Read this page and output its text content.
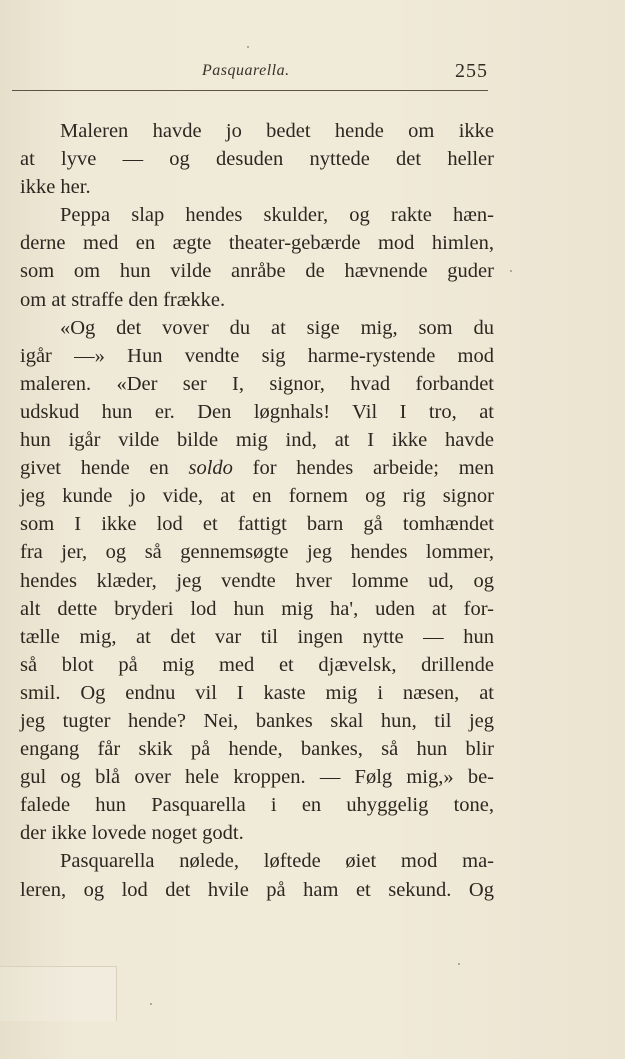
Pasquarella.	255
Maleren havde jo bedet hende om ikke
at lyve — og desuden nyttede det heller
ikke her.
Peppa slap hendes skulder, og rakte hæn-
derne med en ægte theater-gebærde mod himlen,
som om hun vilde anråbe de hævnende guder
om at straffe den frække.
«Og det vover du at sige mig, som du
igår —» Hun vendte sig harme-rystende mod
maleren. «Der ser I, signor, hvad forbandet
udskud hun er. Den løgnhals! Vil I tro, at
hun igår vilde bilde mig ind, at I ikke havde
givet hende en soldo for hendes arbeide; men
jeg kunde jo vide, at en fornem og rig signor
som I ikke lod et fattigt barn gå tomhændet
fra jer, og så gennemsøgte jeg hendes lommer,
hendes klæder, jeg vendte hver lomme ud, og
alt dette bryderi lod hun mig ha', uden at for-
tælle mig, at det var til ingen nytte — hun
så blot på mig med et djævelsk, drillende
smil. Og endnu vil I kaste mig i næsen, at
jeg tugter hende? Nei, bankes skal hun, til jeg
engang får skik på hende, bankes, så hun blir
gul og blå over hele kroppen. — Følg mig,» be-
falede hun Pasquarella i en uhyggelig tone,
der ikke lovede noget godt.
Pasquarella nølede, løftede øiet mod ma-
leren, og lod det hvile på ham et sekund. Og
